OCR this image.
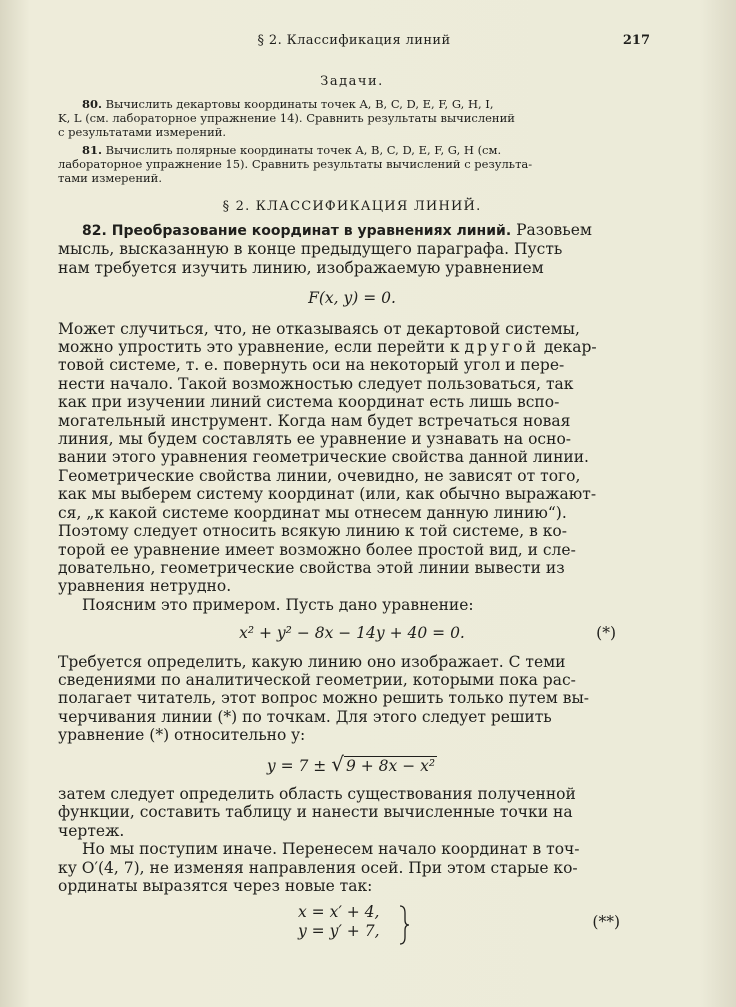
§ 2. Классификация линий	217
Задачи.

80. Вычислить декартовы координаты точек A, B, C, D, E, F, G, H, I,

K, L (см. лабораторное упражнение 14). Сравнить результаты вычислений

с результатами измерений.

81. Вычислить полярные координаты точек A, B, C, D, E, F, G, H (см.

лабораторное упражнение 15). Сравнить результаты вычислений с результа-

тами измерений.

§ 2. КЛАССИФИКАЦИЯ ЛИНИЙ.

82. Преобразование координат в уравнениях линий. Разовьем

мысль, высказанную в конце предыдущего параграфа. Пусть

нам требуется изучить линию, изображаемую уравнением

F(x, y) = 0.

Может случиться, что, не отказываясь от декартовой системы,

можно упростить это уравнение, если перейти к другой декар-

товой системе, т. е. повернуть оси на некоторый угол и пере-

нести начало. Такой возможностью следует пользоваться, так

как при изучении линий система координат есть лишь вспо-

могательный инструмент. Когда нам будет встречаться новая

линия, мы будем составлять ее уравнение и узнавать на осно-

вании этого уравнения геометрические свойства данной линии.

Геометрические свойства линии, очевидно, не зависят от того,

как мы выберем систему координат (или, как обычно выражают-

ся, „к какой системе координат мы отнесем данную линию“).

Поэтому следует относить всякую линию к той системе, в ко-

торой ее уравнение имеет возможно более простой вид, и сле-

довательно, геометрические свойства этой линии вывести из

уравнения нетрудно.

Поясним это примером. Пусть дано уравнение:

x² + y² − 8x − 14y + 40 = 0.	(*)

Требуется определить, какую линию оно изображает. С теми

сведениями по аналитической геометрии, которыми пока рас-

полагает читатель, этот вопрос можно решить только путем вы-

черчивания линии (*) по точкам. Для этого следует решить

уравнение (*) относительно y:

y = 7 ± √ 9 + 8x − x²

затем следует определить область существования полученной

функции, составить таблицу и нанести вычисленные точки на

чертеж.

Но мы поступим иначе. Перенесем начало координат в точ-

ку O′(4, 7), не изменяя направления осей. При этом старые ко-

ординаты выразятся через новые так:

x = x′ + 4,
y = y′ + 7,	(**)
